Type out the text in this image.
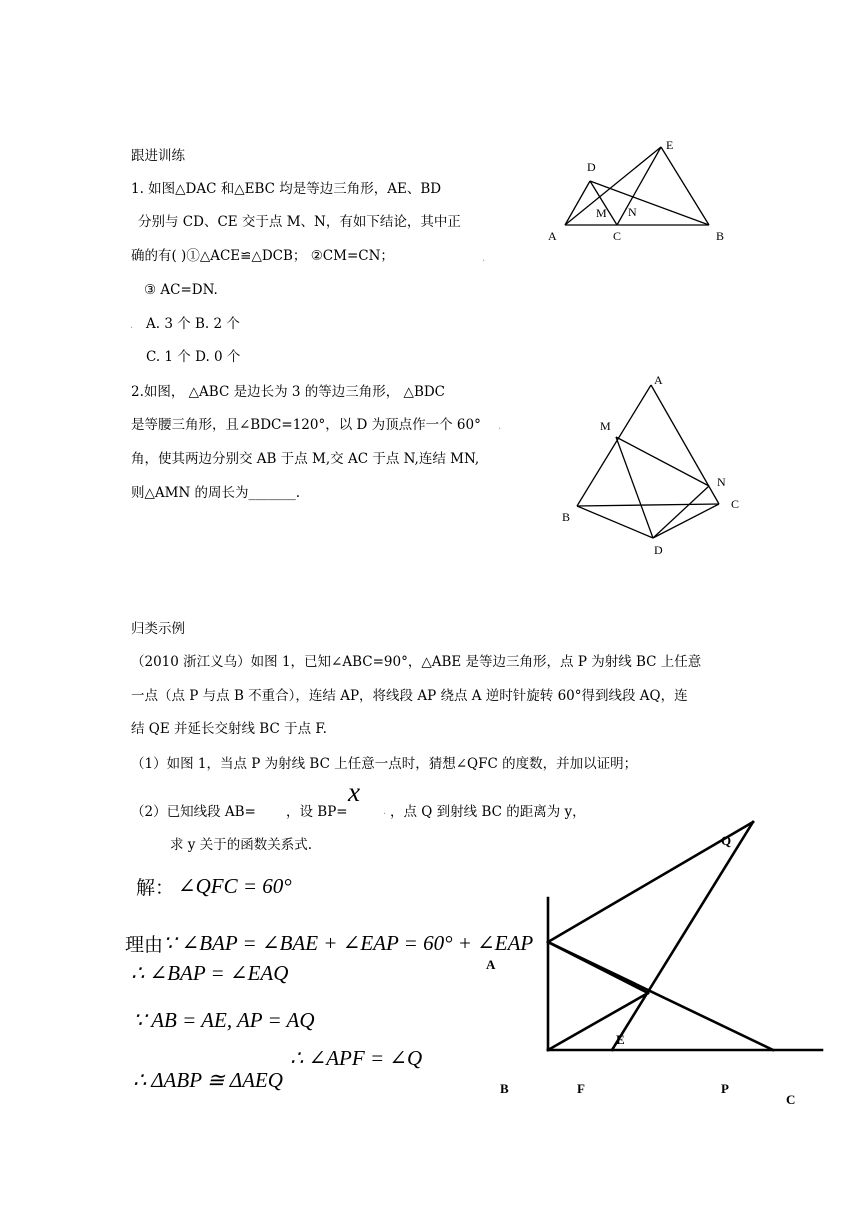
跟进训练
1. 如图△DAC 和△EBC 均是等边三角形，AE、BD
分别与 CD、CE 交于点 M、N，有如下结论，其中正
确的有( )①△ACE≌△DCB； ②CM=CN；	.
③ AC=DN.
. A. 3 个 B. 2 个
C. 1 个 D. 0 个
2.如图， △ABC 是边长为 3 的等边三角形， △BDC
是等腰三角形，且∠BDC=120°，以 D 为顶点作一个 60° .
角，使其两边分别交 AB 于点 M,交 AC 于点 N,连结 MN,
则△AMN 的周长为_______.
D
E
M N
A	C	B
A
M
N
C
B
D
归类示例
（2010 浙江义乌）如图 1，已知∠ABC=90°，△ABE 是等边三角形，点 P 为射线 BC 上任意
一点（点 P 与点 B 不重合），连结 AP，将线段 AP 绕点 A 逆时针旋转 60°得到线段 AQ，连
结 QE 并延长交射线 BC 于点 F.
（1）如图 1，当点 P 为射线 BC 上任意一点时，猜想∠QFC 的度数，并加以证明；
（2）已知线段 AB= ，设 BP=
x
. ，点 Q 到射线 BC 的距离为 y，
求 y 关于的函数关系式.
解： ∠QFC = 60°
理由 ∵ ∠BAP = ∠BAE + ∠EAP = 60° + ∠EAP
∴ ∠BAP = ∠EAQ
∵ AB = AE, AP = AQ
∴ ∠APF = ∠Q
∴ ΔABP ≅ ΔAEQ
Q
A
E
B	F	P
C
